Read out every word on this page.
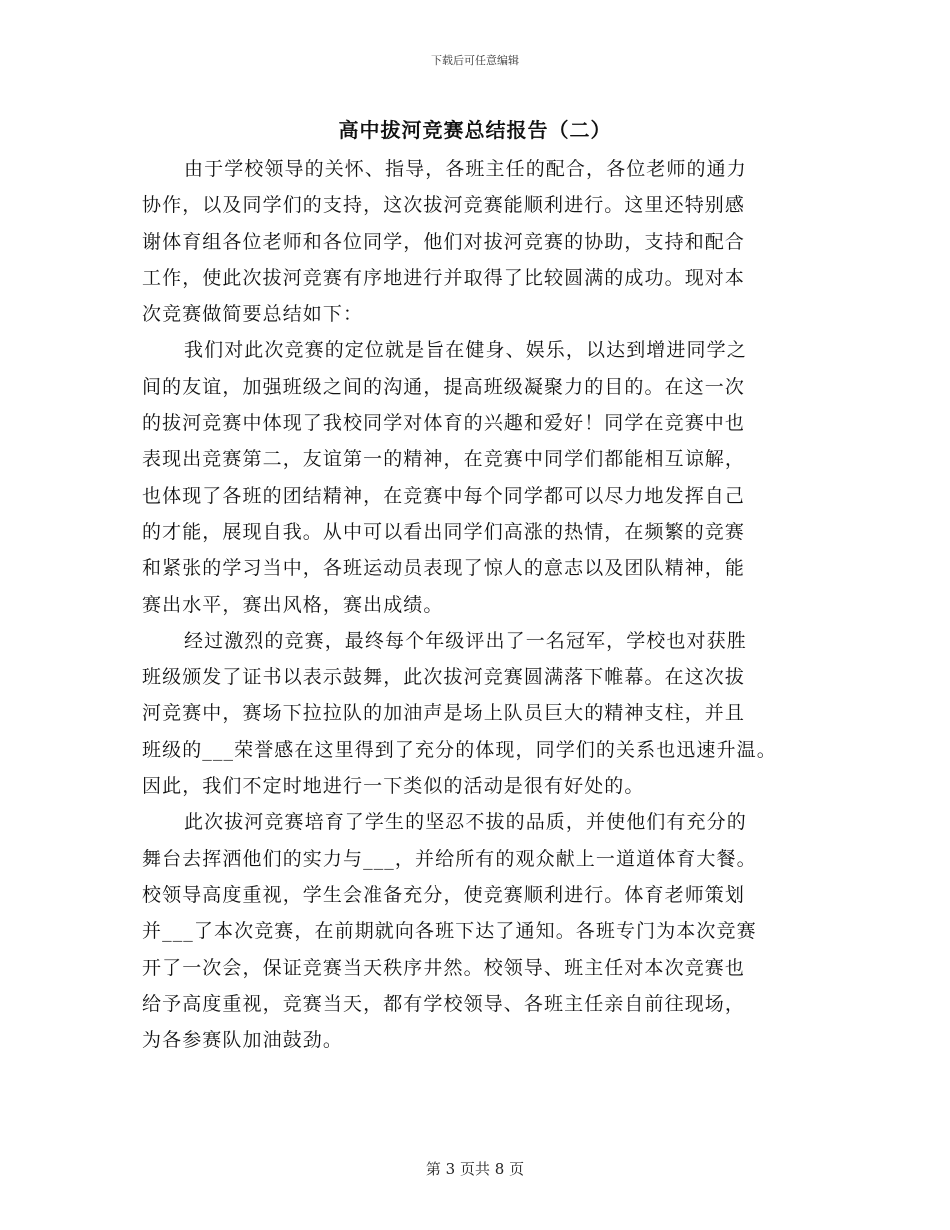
下载后可任意编辑
高中拔河竞赛总结报告（二）
由于学校领导的关怀、指导，各班主任的配合，各位老师的通力
协作，以及同学们的支持，这次拔河竞赛能顺利进行。这里还特别感
谢体育组各位老师和各位同学，他们对拔河竞赛的协助，支持和配合
工作，使此次拔河竞赛有序地进行并取得了比较圆满的成功。现对本
次竞赛做简要总结如下：
我们对此次竞赛的定位就是旨在健身、娱乐，以达到增进同学之
间的友谊，加强班级之间的沟通，提高班级凝聚力的目的。在这一次
的拔河竞赛中体现了我校同学对体育的兴趣和爱好！同学在竞赛中也
表现出竞赛第二，友谊第一的精神，在竞赛中同学们都能相互谅解，
也体现了各班的团结精神，在竞赛中每个同学都可以尽力地发挥自己
的才能，展现自我。从中可以看出同学们高涨的热情，在频繁的竞赛
和紧张的学习当中，各班运动员表现了惊人的意志以及团队精神，能
赛出水平，赛出风格，赛出成绩。
经过激烈的竞赛，最终每个年级评出了一名冠军，学校也对获胜
班级颁发了证书以表示鼓舞，此次拔河竞赛圆满落下帷幕。在这次拔
河竞赛中，赛场下拉拉队的加油声是场上队员巨大的精神支柱，并且
班级的___荣誉感在这里得到了充分的体现，同学们的关系也迅速升温。
因此，我们不定时地进行一下类似的活动是很有好处的。
此次拔河竞赛培育了学生的坚忍不拔的品质，并使他们有充分的
舞台去挥洒他们的实力与___，并给所有的观众献上一道道体育大餐。
校领导高度重视，学生会准备充分，使竞赛顺利进行。体育老师策划
并___了本次竞赛，在前期就向各班下达了通知。各班专门为本次竞赛
开了一次会，保证竞赛当天秩序井然。校领导、班主任对本次竞赛也
给予高度重视，竞赛当天，都有学校领导、各班主任亲自前往现场，
为各参赛队加油鼓劲。
第 3 页共 8 页
